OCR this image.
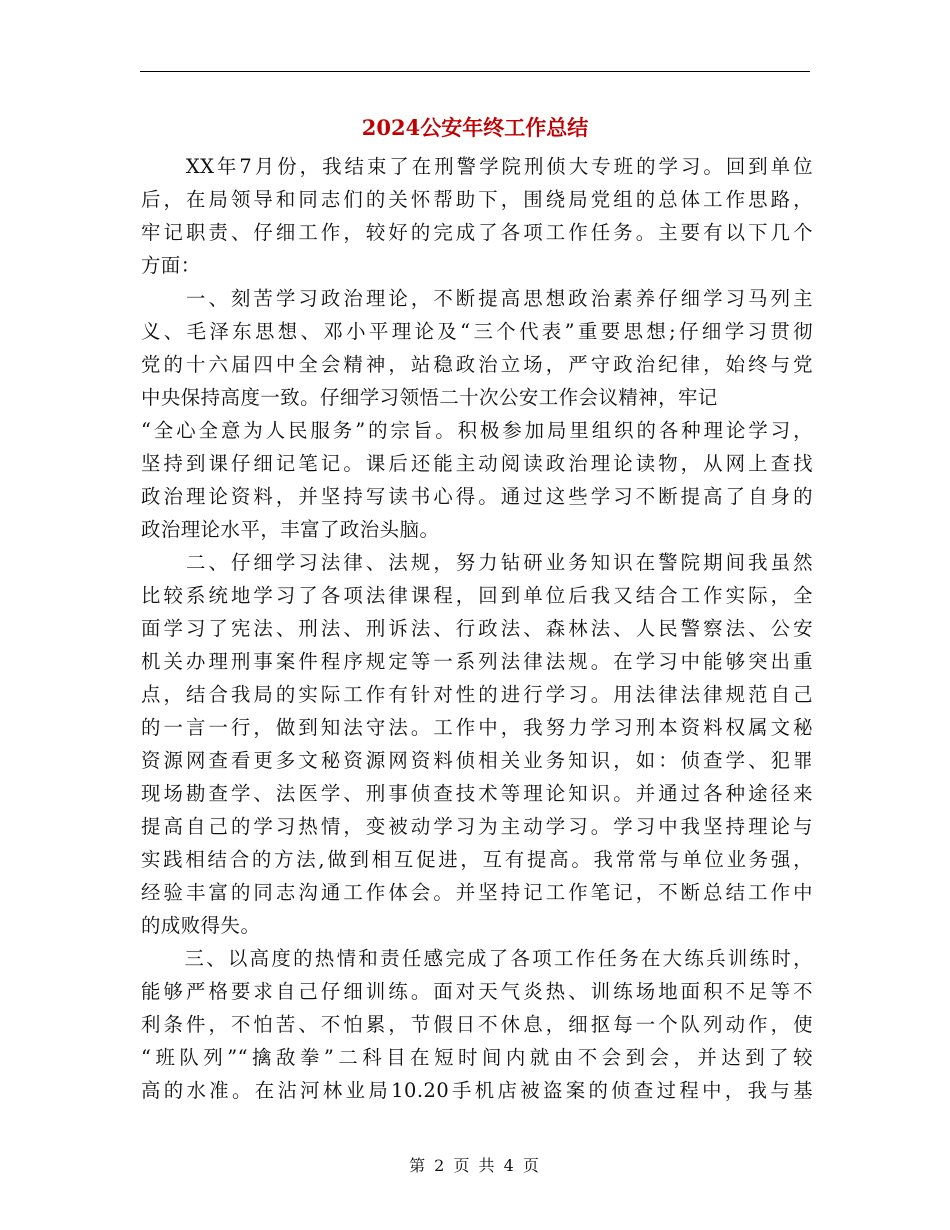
2024公安年终工作总结
　　XX年7月份，我结束了在刑警学院刑侦大专班的学习。回到单位
后，在局领导和同志们的关怀帮助下，围绕局党组的总体工作思路，
牢记职责、仔细工作，较好的完成了各项工作任务。主要有以下几个
方面：
　　一、刻苦学习政治理论，不断提高思想政治素养仔细学习马列主
义、毛泽东思想、邓小平理论及“三个代表”重要思想;仔细学习贯彻
党的十六届四中全会精神，站稳政治立场，严守政治纪律，始终与党
中央保持高度一致。仔细学习领悟二十次公安工作会议精神，牢记
“全心全意为人民服务”的宗旨。积极参加局里组织的各种理论学习，
坚持到课仔细记笔记。课后还能主动阅读政治理论读物，从网上查找
政治理论资料，并坚持写读书心得。通过这些学习不断提高了自身的
政治理论水平，丰富了政治头脑。
　　二、仔细学习法律、法规，努力钻研业务知识在警院期间我虽然
比较系统地学习了各项法律课程，回到单位后我又结合工作实际，全
面学习了宪法、刑法、刑诉法、行政法、森林法、人民警察法、公安
机关办理刑事案件程序规定等一系列法律法规。在学习中能够突出重
点，结合我局的实际工作有针对性的进行学习。用法律法律规范自己
的一言一行，做到知法守法。工作中，我努力学习刑本资料权属文秘
资源网查看更多文秘资源网资料侦相关业务知识，如：侦查学、犯罪
现场勘查学、法医学、刑事侦查技术等理论知识。并通过各种途径来
提高自己的学习热情，变被动学习为主动学习。学习中我坚持理论与
实践相结合的方法,做到相互促进，互有提高。我常常与单位业务强，
经验丰富的同志沟通工作体会。并坚持记工作笔记，不断总结工作中
的成败得失。
　　三、以高度的热情和责任感完成了各项工作任务在大练兵训练时，
能够严格要求自己仔细训练。面对天气炎热、训练场地面积不足等不
利条件，不怕苦、不怕累，节假日不休息，细抠每一个队列动作，使
“班队列”“擒敌拳”二科目在短时间内就由不会到会，并达到了较
高的水准。在沾河林业局10.20手机店被盗案的侦查过程中，我与基
第 2 页 共 4 页
